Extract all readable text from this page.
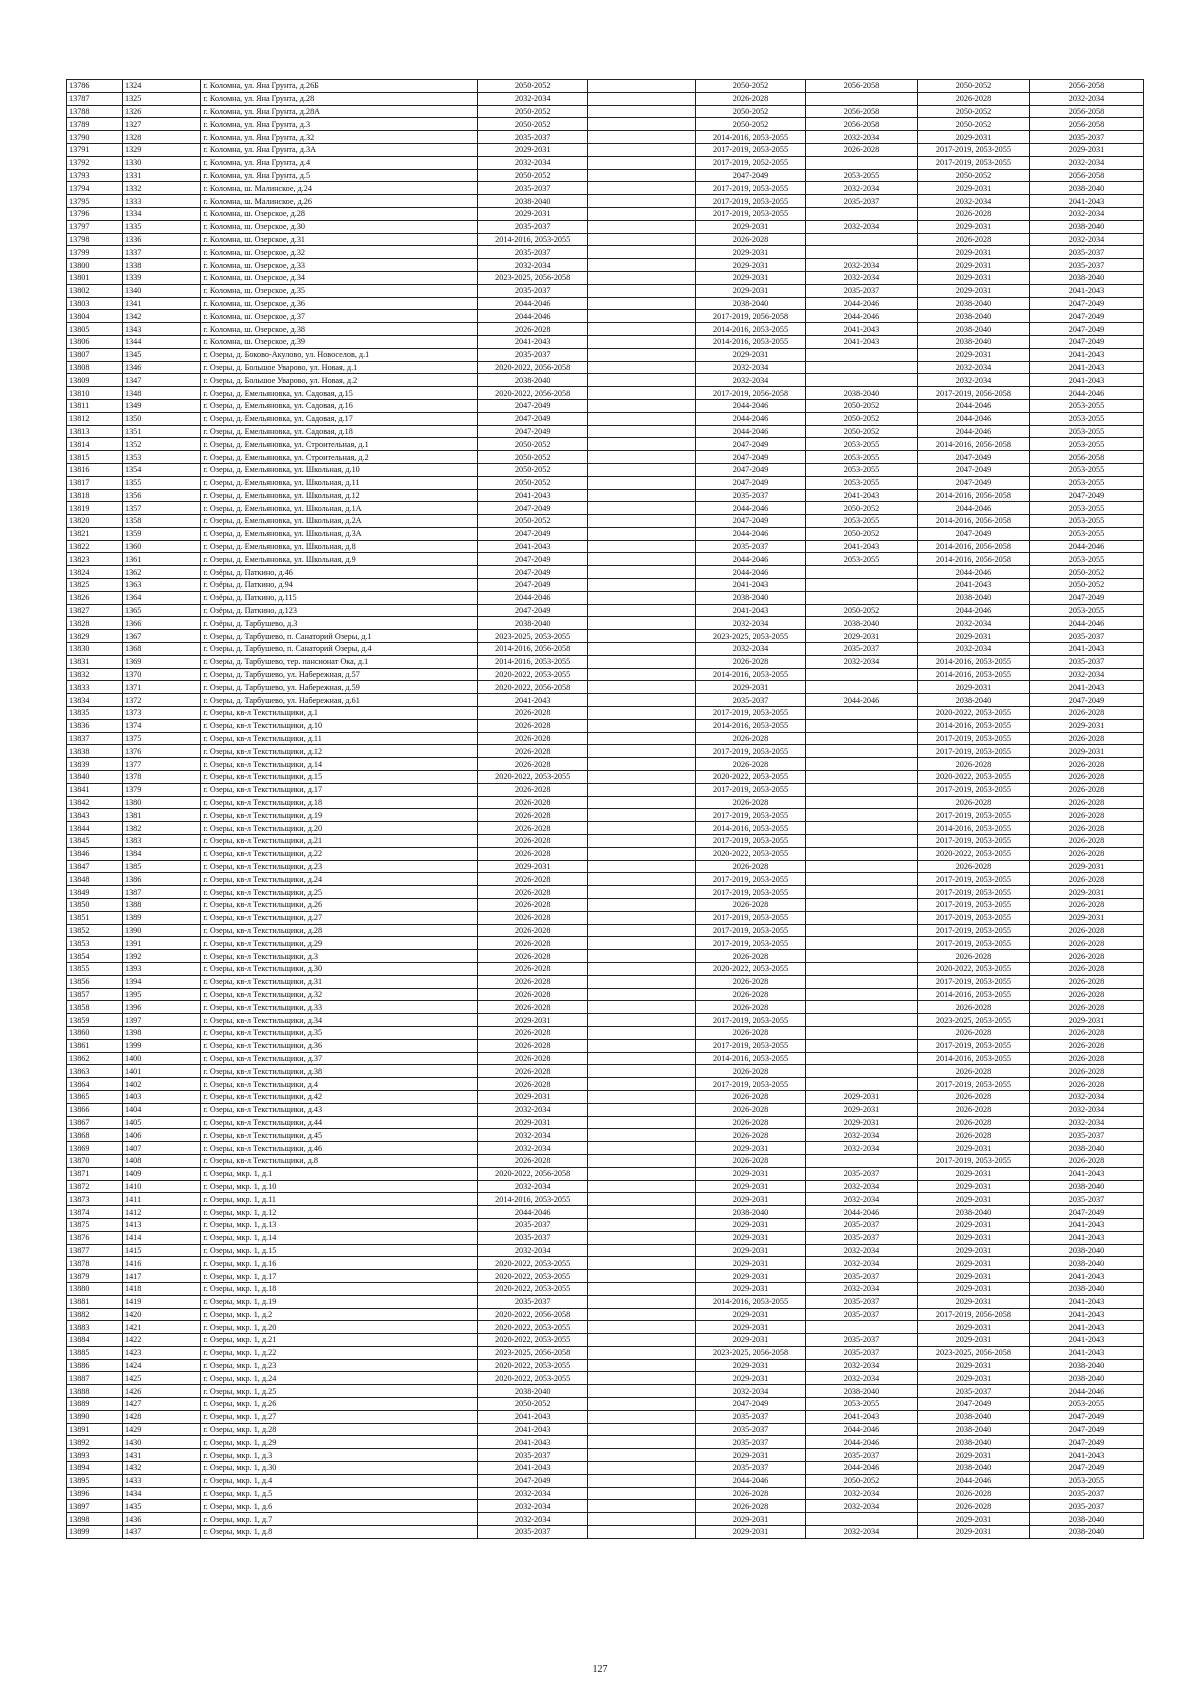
13786	1324	г. Коломна, ул. Яна Грунта, д.26Б	2050-2052		2050-2052	2056-2058	2050-2052	2056-2058
13787	1325	г. Коломна, ул. Яна Грунта, д.28	2032-2034		2026-2028		2026-2028	2032-2034
13788	1326	г. Коломна, ул. Яна Грунта, д.28А	2050-2052		2050-2052	2056-2058	2050-2052	2056-2058
13789	1327	г. Коломна, ул. Яна Грунта, д.3	2050-2052		2050-2052	2056-2058	2050-2052	2056-2058
13790	1328	г. Коломна, ул. Яна Грунта, д.32	2035-2037		2014-2016, 2053-2055	2032-2034	2029-2031	2035-2037
13791	1329	г. Коломна, ул. Яна Грунта, д.3А	2029-2031		2017-2019, 2053-2055	2026-2028	2017-2019, 2053-2055	2029-2031
13792	1330	г. Коломна, ул. Яна Грунта, д.4	2032-2034		2017-2019, 2052-2055		2017-2019, 2053-2055	2032-2034
13793	1331	г. Коломна, ул. Яна Грунта, д.5	2050-2052		2047-2049	2053-2055	2050-2052	2056-2058
13794	1332	г. Коломна, ш. Малинское, д.24	2035-2037		2017-2019, 2053-2055	2032-2034	2029-2031	2038-2040
13795	1333	г. Коломна, ш. Малинское, д.26	2038-2040		2017-2019, 2053-2055	2035-2037	2032-2034	2041-2043
13796	1334	г. Коломна, ш. Озерское, д.28	2029-2031		2017-2019, 2053-2055		2026-2028	2032-2034
13797	1335	г. Коломна, ш. Озерское, д.30	2035-2037		2029-2031	2032-2034	2029-2031	2038-2040
13798	1336	г. Коломна, ш. Озерское, д.31	2014-2016, 2053-2055		2026-2028		2026-2028	2032-2034
13799	1337	г. Коломна, ш. Озерское, д.32	2035-2037		2029-2031		2029-2031	2035-2037
13800	1338	г. Коломна, ш. Озерское, д.33	2032-2034		2029-2031	2032-2034	2029-2031	2035-2037
13801	1339	г. Коломна, ш. Озерское, д.34	2023-2025, 2056-2058		2029-2031	2032-2034	2029-2031	2038-2040
13802	1340	г. Коломна, ш. Озерское, д.35	2035-2037		2029-2031	2035-2037	2029-2031	2041-2043
13803	1341	г. Коломна, ш. Озерское, д.36	2044-2046		2038-2040	2044-2046	2038-2040	2047-2049
13804	1342	г. Коломна, ш. Озерское, д.37	2044-2046		2017-2019, 2056-2058	2044-2046	2038-2040	2047-2049
13805	1343	г. Коломна, ш. Озерское, д.38	2026-2028		2014-2016, 2053-2055	2041-2043	2038-2040	2047-2049
13806	1344	г. Коломна, ш. Озерское, д.39	2041-2043		2014-2016, 2053-2055	2041-2043	2038-2040	2047-2049
13807	1345	г. Озеры, д. Боково-Акулово, ул. Новоселов, д.1	2035-2037		2029-2031		2029-2031	2041-2043
13808	1346	г. Озеры, д. Большое Уварово, ул. Новая, д.1	2020-2022, 2056-2058		2032-2034		2032-2034	2041-2043
13809	1347	г. Озеры, д. Большое Уварово, ул. Новая, д.2	2038-2040		2032-2034		2032-2034	2041-2043
13810	1348	г. Озеры, д. Емельяновка, ул. Садовая, д.15	2020-2022, 2056-2058		2017-2019, 2056-2058	2038-2040	2017-2019, 2056-2058	2044-2046
13811	1349	г. Озеры, д. Емельяновка, ул. Садовая, д.16	2047-2049		2044-2046	2050-2052	2044-2046	2053-2055
13812	1350	г. Озеры, д. Емельяновка, ул. Садовая, д.17	2047-2049		2044-2046	2050-2052	2044-2046	2053-2055
13813	1351	г. Озеры, д. Емельяновка, ул. Садовая, д.18	2047-2049		2044-2046	2050-2052	2044-2046	2053-2055
13814	1352	г. Озеры, д. Емельяновка, ул. Строительная, д.1	2050-2052		2047-2049	2053-2055	2014-2016, 2056-2058	2053-2055
13815	1353	г. Озеры, д. Емельяновка, ул. Строительная, д.2	2050-2052		2047-2049	2053-2055	2047-2049	2056-2058
13816	1354	г. Озеры, д. Емельяновка, ул. Школьная, д.10	2050-2052		2047-2049	2053-2055	2047-2049	2053-2055
13817	1355	г. Озеры, д. Емельяновка, ул. Школьная, д.11	2050-2052		2047-2049	2053-2055	2047-2049	2053-2055
13818	1356	г. Озеры, д. Емельяновка, ул. Школьная, д.12	2041-2043		2035-2037	2041-2043	2014-2016, 2056-2058	2047-2049
13819	1357	г. Озеры, д. Емельяновка, ул. Школьная, д.1А	2047-2049		2044-2046	2050-2052	2044-2046	2053-2055
13820	1358	г. Озеры, д. Емельяновка, ул. Школьная, д.2А	2050-2052		2047-2049	2053-2055	2014-2016, 2056-2058	2053-2055
13821	1359	г. Озеры, д. Емельяновка, ул. Школьная, д.3А	2047-2049		2044-2046	2050-2052	2047-2049	2053-2055
13822	1360	г. Озеры, д. Емельяновка, ул. Школьная, д.8	2041-2043		2035-2037	2041-2043	2014-2016, 2056-2058	2044-2046
13823	1361	г. Озеры, д. Емельяновка, ул. Школьная, д.9	2047-2049		2044-2046	2053-2055	2014-2016, 2056-2058	2053-2055
13824	1362	г. Озёры, д. Паткино, д.46	2047-2049		2044-2046		2044-2046	2050-2052
13825	1363	г. Озёры, д. Паткино, д.94	2047-2049		2041-2043		2041-2043	2050-2052
13826	1364	г. Озёры, д. Паткино, д.115	2044-2046		2038-2040		2038-2040	2047-2049
13827	1365	г. Озёры, д. Паткино, д.123	2047-2049		2041-2043	2050-2052	2044-2046	2053-2055
13828	1366	г. Озёры, д. Тарбушево, д.3	2038-2040		2032-2034	2038-2040	2032-2034	2044-2046
13829	1367	г. Озеры, д. Тарбушево, п. Санаторий Озеры, д.1	2023-2025, 2053-2055		2023-2025, 2053-2055	2029-2031	2029-2031	2035-2037
13830	1368	г. Озеры, д. Тарбушево, п. Санаторий Озеры, д.4	2014-2016, 2056-2058		2032-2034	2035-2037	2032-2034	2041-2043
13831	1369	г. Озеры, д. Тарбушево, тер. пансионат Ока, д.1	2014-2016, 2053-2055		2026-2028	2032-2034	2014-2016, 2053-2055	2035-2037
13832	1370	г. Озеры, д. Тарбушево, ул. Набережная, д.57	2020-2022, 2053-2055		2014-2016, 2053-2055		2014-2016, 2053-2055	2032-2034
13833	1371	г. Озеры, д. Тарбушево, ул. Набережная, д.59	2020-2022, 2056-2058		2029-2031		2029-2031	2041-2043
13834	1372	г. Озеры, д. Тарбушево, ул. Набережная, д.61	2041-2043		2035-2037	2044-2046	2038-2040	2047-2049
13835	1373	г. Озеры, кв-л Текстильщики, д.1	2026-2028		2017-2019, 2053-2055		2020-2022, 2053-2055	2026-2028
13836	1374	г. Озеры, кв-л Текстильщики, д.10	2026-2028		2014-2016, 2053-2055		2014-2016, 2053-2055	2029-2031
13837	1375	г. Озеры, кв-л Текстильщики, д.11	2026-2028		2026-2028		2017-2019, 2053-2055	2026-2028
13838	1376	г. Озеры, кв-л Текстильщики, д.12	2026-2028		2017-2019, 2053-2055		2017-2019, 2053-2055	2029-2031
13839	1377	г. Озеры, кв-л Текстильщики, д.14	2026-2028		2026-2028		2026-2028	2026-2028
13840	1378	г. Озеры, кв-л Текстильщики, д.15	2020-2022, 2053-2055		2020-2022, 2053-2055		2020-2022, 2053-2055	2026-2028
13841	1379	г. Озеры, кв-л Текстильщики, д.17	2026-2028		2017-2019, 2053-2055		2017-2019, 2053-2055	2026-2028
13842	1380	г. Озеры, кв-л Текстильщики, д.18	2026-2028		2026-2028		2026-2028	2026-2028
13843	1381	г. Озеры, кв-л Текстильщики, д.19	2026-2028		2017-2019, 2053-2055		2017-2019, 2053-2055	2026-2028
13844	1382	г. Озеры, кв-л Текстильщики, д.20	2026-2028		2014-2016, 2053-2055		2014-2016, 2053-2055	2026-2028
13845	1383	г. Озеры, кв-л Текстильщики, д.21	2026-2028		2017-2019, 2053-2055		2017-2019, 2053-2055	2026-2028
13846	1384	г. Озеры, кв-л Текстильщики, д.22	2026-2028		2020-2022, 2053-2055		2020-2022, 2053-2055	2026-2028
13847	1385	г. Озеры, кв-л Текстильщики, д.23	2029-2031		2026-2028		2026-2028	2029-2031
13848	1386	г. Озеры, кв-л Текстильщики, д.24	2026-2028		2017-2019, 2053-2055		2017-2019, 2053-2055	2026-2028
13849	1387	г. Озеры, кв-л Текстильщики, д.25	2026-2028		2017-2019, 2053-2055		2017-2019, 2053-2055	2029-2031
13850	1388	г. Озеры, кв-л Текстильщики, д.26	2026-2028		2026-2028		2017-2019, 2053-2055	2026-2028
13851	1389	г. Озеры, кв-л Текстильщики, д.27	2026-2028		2017-2019, 2053-2055		2017-2019, 2053-2055	2029-2031
13852	1390	г. Озеры, кв-л Текстильщики, д.28	2026-2028		2017-2019, 2053-2055		2017-2019, 2053-2055	2026-2028
13853	1391	г. Озеры, кв-л Текстильщики, д.29	2026-2028		2017-2019, 2053-2055		2017-2019, 2053-2055	2026-2028
13854	1392	г. Озеры, кв-л Текстильщики, д.3	2026-2028		2026-2028		2026-2028	2026-2028
13855	1393	г. Озеры, кв-л Текстильщики, д.30	2026-2028		2020-2022, 2053-2055		2020-2022, 2053-2055	2026-2028
13856	1394	г. Озеры, кв-л Текстильщики, д.31	2026-2028		2026-2028		2017-2019, 2053-2055	2026-2028
13857	1395	г. Озеры, кв-л Текстильщики, д.32	2026-2028		2026-2028		2014-2016, 2053-2055	2026-2028
13858	1396	г. Озеры, кв-л Текстильщики, д.33	2026-2028		2026-2028		2026-2028	2026-2028
13859	1397	г. Озеры, кв-л Текстильщики, д.34	2029-2031		2017-2019, 2053-2055		2023-2025, 2053-2055	2029-2031
13860	1398	г. Озеры, кв-л Текстильщики, д.35	2026-2028		2026-2028		2026-2028	2026-2028
13861	1399	г. Озеры, кв-л Текстильщики, д.36	2026-2028		2017-2019, 2053-2055		2017-2019, 2053-2055	2026-2028
13862	1400	г. Озеры, кв-л Текстильщики, д.37	2026-2028		2014-2016, 2053-2055		2014-2016, 2053-2055	2026-2028
13863	1401	г. Озеры, кв-л Текстильщики, д.38	2026-2028		2026-2028		2026-2028	2026-2028
13864	1402	г. Озеры, кв-л Текстильщики, д.4	2026-2028		2017-2019, 2053-2055		2017-2019, 2053-2055	2026-2028
13865	1403	г. Озеры, кв-л Текстильщики, д.42	2029-2031		2026-2028	2029-2031	2026-2028	2032-2034
13866	1404	г. Озеры, кв-л Текстильщики, д.43	2032-2034		2026-2028	2029-2031	2026-2028	2032-2034
13867	1405	г. Озеры, кв-л Текстильщики, д.44	2029-2031		2026-2028	2029-2031	2026-2028	2032-2034
13868	1406	г. Озеры, кв-л Текстильщики, д.45	2032-2034		2026-2028	2032-2034	2026-2028	2035-2037
13869	1407	г. Озеры, кв-л Текстильщики, д.46	2032-2034		2029-2031	2032-2034	2029-2031	2038-2040
13870	1408	г. Озеры, кв-л Текстильщики, д.8	2026-2028		2026-2028		2017-2019, 2053-2055	2026-2028
13871	1409	г. Озеры, мкр. 1, д.1	2020-2022, 2056-2058		2029-2031	2035-2037	2029-2031	2041-2043
13872	1410	г. Озеры, мкр. 1, д.10	2032-2034		2029-2031	2032-2034	2029-2031	2038-2040
13873	1411	г. Озеры, мкр. 1, д.11	2014-2016, 2053-2055		2029-2031	2032-2034	2029-2031	2035-2037
13874	1412	г. Озеры, мкр. 1, д.12	2044-2046		2038-2040	2044-2046	2038-2040	2047-2049
13875	1413	г. Озеры, мкр. 1, д.13	2035-2037		2029-2031	2035-2037	2029-2031	2041-2043
13876	1414	г. Озеры, мкр. 1, д.14	2035-2037		2029-2031	2035-2037	2029-2031	2041-2043
13877	1415	г. Озеры, мкр. 1, д.15	2032-2034		2029-2031	2032-2034	2029-2031	2038-2040
13878	1416	г. Озеры, мкр. 1, д.16	2020-2022, 2053-2055		2029-2031	2032-2034	2029-2031	2038-2040
13879	1417	г. Озеры, мкр. 1, д.17	2020-2022, 2053-2055		2029-2031	2035-2037	2029-2031	2041-2043
13880	1418	г. Озеры, мкр. 1, д.18	2020-2022, 2053-2055		2029-2031	2032-2034	2029-2031	2038-2040
13881	1419	г. Озеры, мкр. 1, д.19	2035-2037		2014-2016, 2053-2055	2035-2037	2029-2031	2041-2043
13882	1420	г. Озеры, мкр. 1, д.2	2020-2022, 2056-2058		2029-2031	2035-2037	2017-2019, 2056-2058	2041-2043
13883	1421	г. Озеры, мкр. 1, д.20	2020-2022, 2053-2055		2029-2031		2029-2031	2041-2043
13884	1422	г. Озеры, мкр. 1, д.21	2020-2022, 2053-2055		2029-2031	2035-2037	2029-2031	2041-2043
13885	1423	г. Озеры, мкр. 1, д.22	2023-2025, 2056-2058		2023-2025, 2056-2058	2035-2037	2023-2025, 2056-2058	2041-2043
13886	1424	г. Озеры, мкр. 1, д.23	2020-2022, 2053-2055		2029-2031	2032-2034	2029-2031	2038-2040
13887	1425	г. Озеры, мкр. 1, д.24	2020-2022, 2053-2055		2029-2031	2032-2034	2029-2031	2038-2040
13888	1426	г. Озеры, мкр. 1, д.25	2038-2040		2032-2034	2038-2040	2035-2037	2044-2046
13889	1427	г. Озеры, мкр. 1, д.26	2050-2052		2047-2049	2053-2055	2047-2049	2053-2055
13890	1428	г. Озеры, мкр. 1, д.27	2041-2043		2035-2037	2041-2043	2038-2040	2047-2049
13891	1429	г. Озеры, мкр. 1, д.28	2041-2043		2035-2037	2044-2046	2038-2040	2047-2049
13892	1430	г. Озеры, мкр. 1, д.29	2041-2043		2035-2037	2044-2046	2038-2040	2047-2049
13893	1431	г. Озеры, мкр. 1, д.3	2035-2037		2029-2031	2035-2037	2029-2031	2041-2043
13894	1432	г. Озеры, мкр. 1, д.30	2041-2043		2035-2037	2044-2046	2038-2040	2047-2049
13895	1433	г. Озеры, мкр. 1, д.4	2047-2049		2044-2046	2050-2052	2044-2046	2053-2055
13896	1434	г. Озеры, мкр. 1, д.5	2032-2034		2026-2028	2032-2034	2026-2028	2035-2037
13897	1435	г. Озеры, мкр. 1, д.6	2032-2034		2026-2028	2032-2034	2026-2028	2035-2037
13898	1436	г. Озеры, мкр. 1, д.7	2032-2034		2029-2031		2029-2031	2038-2040
13899	1437	г. Озеры, мкр. 1, д.8	2035-2037		2029-2031	2032-2034	2029-2031	2038-2040
127
